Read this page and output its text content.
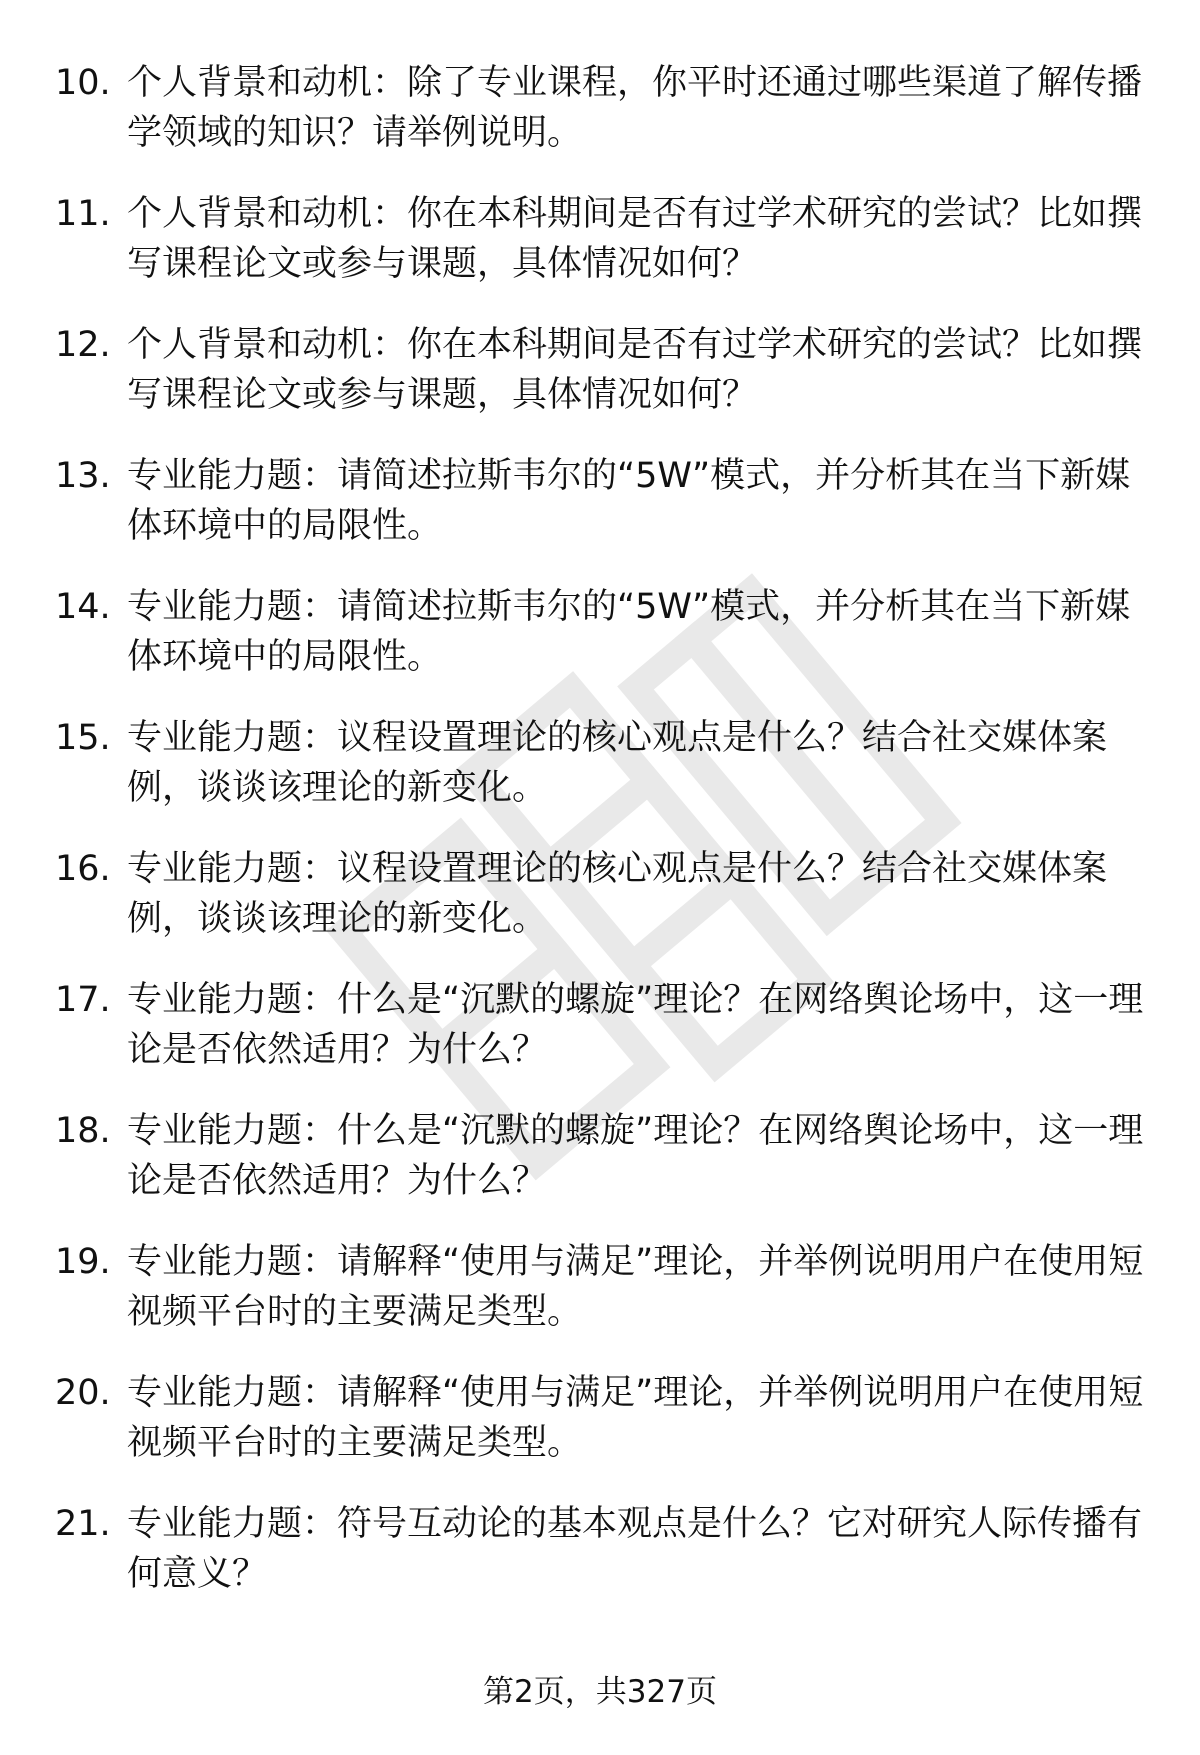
10. 个人背景和动机：除了专业课程，你平时还通过哪些渠道了解传播学领域的知识？请举例说明。
11. 个人背景和动机：你在本科期间是否有过学术研究的尝试？比如撰写课程论文或参与课题，具体情况如何？
12. 个人背景和动机：你在本科期间是否有过学术研究的尝试？比如撰写课程论文或参与课题，具体情况如何？
13. 专业能力题：请简述拉斯韦尔的“5W”模式，并分析其在当下新媒体环境中的局限性。
14. 专业能力题：请简述拉斯韦尔的“5W”模式，并分析其在当下新媒体环境中的局限性。
15. 专业能力题：议程设置理论的核心观点是什么？结合社交媒体案例，谈谈该理论的新变化。
16. 专业能力题：议程设置理论的核心观点是什么？结合社交媒体案例，谈谈该理论的新变化。
17. 专业能力题：什么是“沉默的螺旋”理论？在网络舆论场中，这一理论是否依然适用？为什么？
18. 专业能力题：什么是“沉默的螺旋”理论？在网络舆论场中，这一理论是否依然适用？为什么？
19. 专业能力题：请解释“使用与满足”理论，并举例说明用户在使用短视频平台时的主要满足类型。
20. 专业能力题：请解释“使用与满足”理论，并举例说明用户在使用短视频平台时的主要满足类型。
21. 专业能力题：符号互动论的基本观点是什么？它对研究人际传播有何意义？
第2页，共327页
